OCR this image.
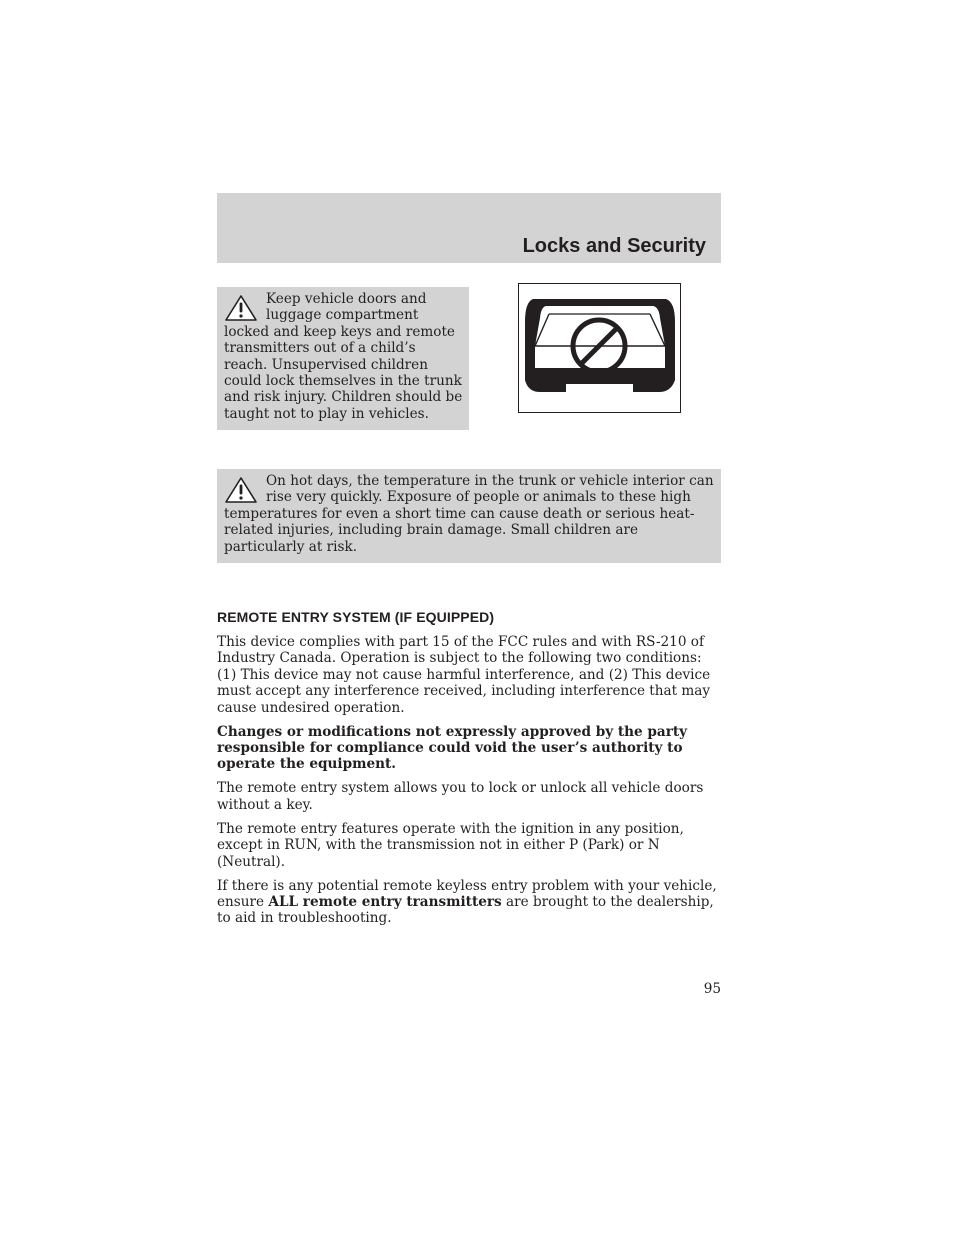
Locks and Security
Keep vehicle doors and luggage compartment locked and keep keys and remote transmitters out of a child’s reach. Unsupervised children could lock themselves in the trunk and risk injury. Children should be taught not to play in vehicles.
On hot days, the temperature in the trunk or vehicle interior can rise very quickly. Exposure of people or animals to these high temperatures for even a short time can cause death or serious heat-related injuries, including brain damage. Small children are particularly at risk.
REMOTE ENTRY SYSTEM (IF EQUIPPED)

This device complies with part 15 of the FCC rules and with RS-210 of Industry Canada. Operation is subject to the following two conditions: (1) This device may not cause harmful interference, and (2) This device must accept any interference received, including interference that may cause undesired operation.

Changes or modifications not expressly approved by the party responsible for compliance could void the user’s authority to operate the equipment.

The remote entry system allows you to lock or unlock all vehicle doors without a key.

The remote entry features operate with the ignition in any position, except in RUN, with the transmission not in either P (Park) or N (Neutral).

If there is any potential remote keyless entry problem with your vehicle, ensure ALL remote entry transmitters are brought to the dealership, to aid in troubleshooting.

95
